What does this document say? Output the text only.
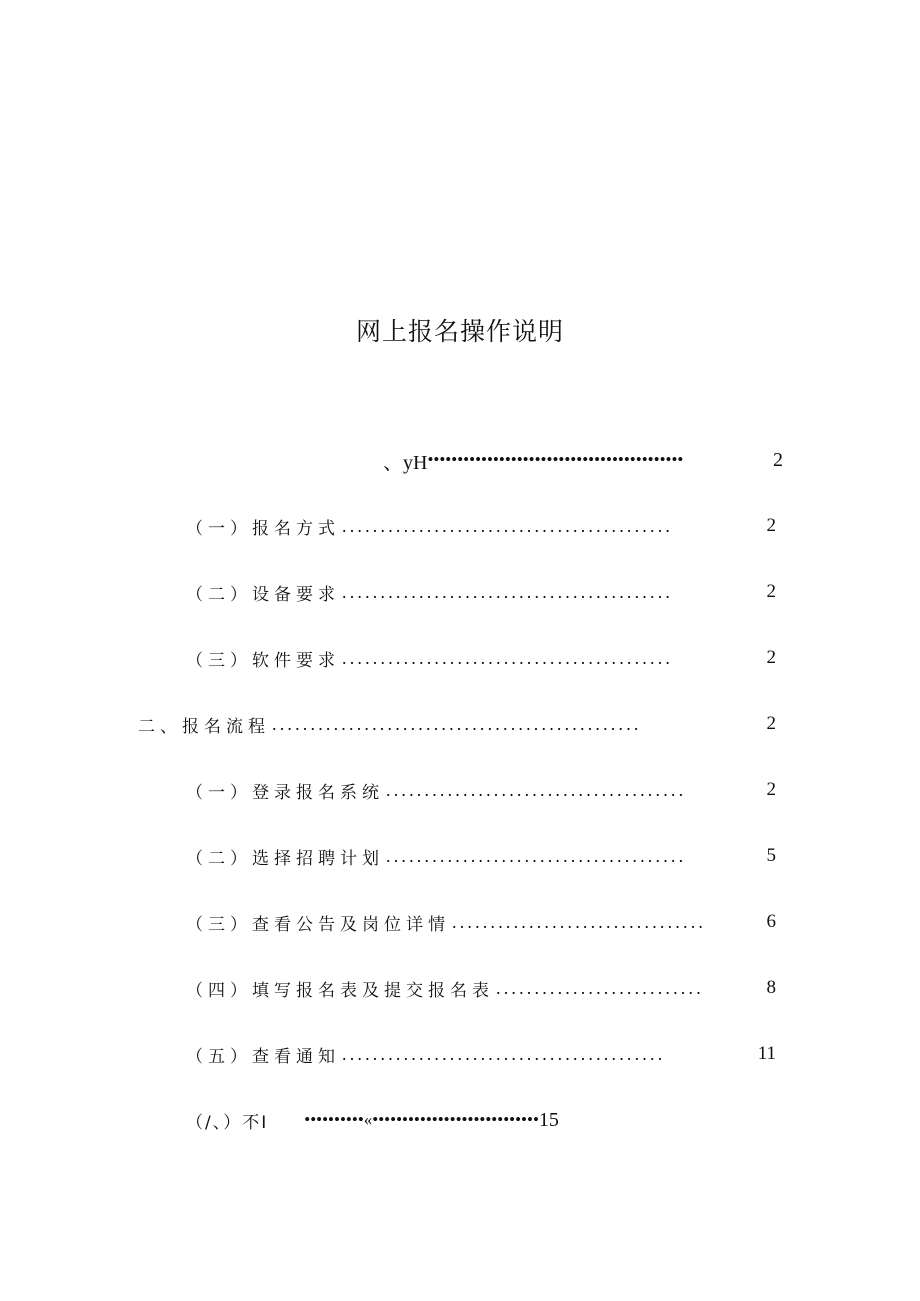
网上报名操作说明
、yH •••••••••••••••••••••••••••••••••••••••••••	2
（一）报名方式 ...........................................	2
（二）设备要求 ...........................................	2
（三）软件要求 ...........................................	2
二、报名流程 ................................................	2
（一）登录报名系统 .......................................	2
（二）选择招聘计划 .......................................	5
（三）查看公告及岗位详情 .................................	6
（四）填写报名表及提交报名表 ...........................	8
（五）查看通知 ..........................................	11
（/、）不I ••••••••••«•••••••••••••••••••••••••••• 15
